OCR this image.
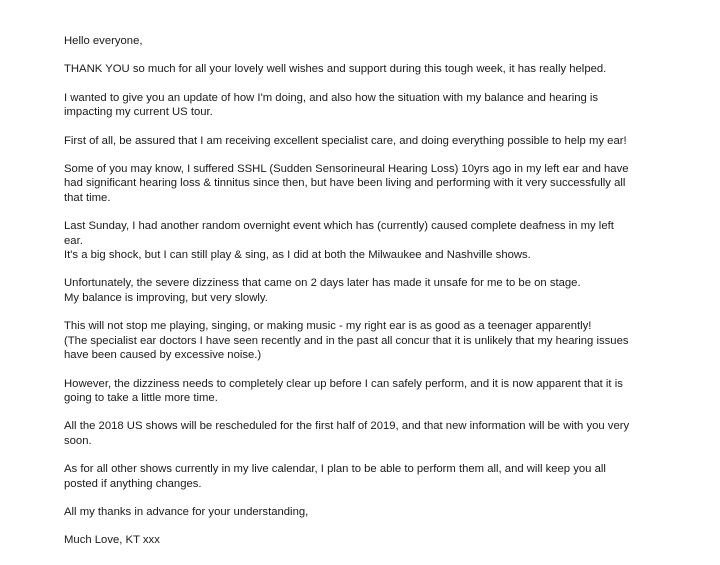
Hello everyone,

THANK YOU so much for all your lovely well wishes and support during this tough week, it has really helped.

I wanted to give you an update of how I'm doing, and also how the situation with my balance and hearing is
impacting my current US tour.

First of all, be assured that I am receiving excellent specialist care, and doing everything possible to help my ear!

Some of you may know, I suffered SSHL (Sudden Sensorineural Hearing Loss) 10yrs ago in my left ear and have
had significant hearing loss & tinnitus since then, but have been living and performing with it very successfully all
that time.

Last Sunday, I had another random overnight event which has (currently) caused complete deafness in my left
ear.
It's a big shock, but I can still play & sing, as I did at both the Milwaukee and Nashville shows.

Unfortunately, the severe dizziness that came on 2 days later has made it unsafe for me to be on stage.
My balance is improving, but very slowly.

This will not stop me playing, singing, or making music - my right ear is as good as a teenager apparently!
(The specialist ear doctors I have seen recently and in the past all concur that it is unlikely that my hearing issues
have been caused by excessive noise.)

However, the dizziness needs to completely clear up before I can safely perform, and it is now apparent that it is
going to take a little more time.

All the 2018 US shows will be rescheduled for the first half of 2019, and that new information will be with you very
soon.

As for all other shows currently in my live calendar, I plan to be able to perform them all, and will keep you all
posted if anything changes.

All my thanks in advance for your understanding,

Much Love, KT xxx
